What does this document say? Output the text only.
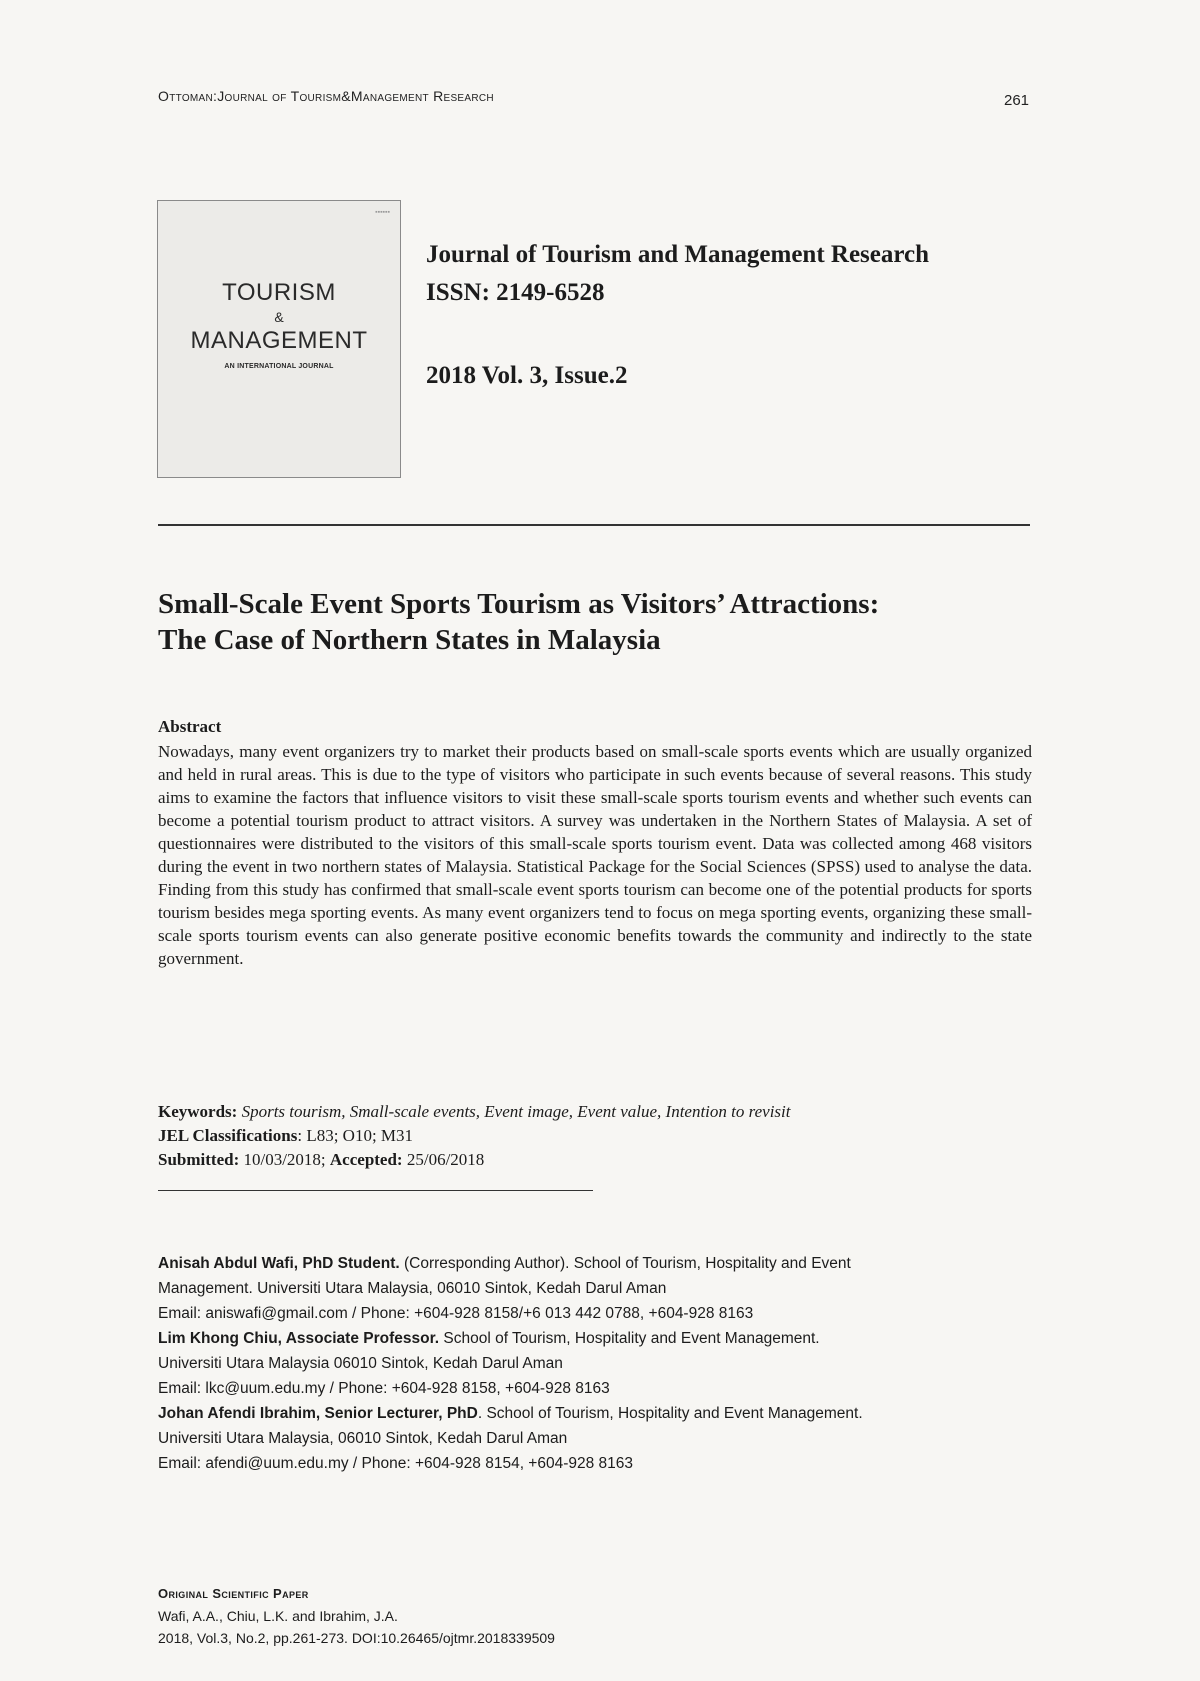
Ottoman:Journal of Tourism&Management Research	261
▪▪▪▪▪▪
TOURISM
&
MANAGEMENT
AN INTERNATIONAL JOURNAL
Journal of Tourism and Management Research
ISSN: 2149-6528
2018 Vol. 3, Issue.2
Small-Scale Event Sports Tourism as Visitors’ Attractions:
The Case of Northern States in Malaysia
Abstract
Nowadays, many event organizers try to market their products based on small-scale sports events which are usually organized and held in rural areas. This is due to the type of visitors who participate in such events because of several reasons. This study aims to examine the factors that influence visitors to visit these small-scale sports tourism events and whether such events can become a potential tourism product to attract visitors. A survey was undertaken in the Northern States of Malaysia. A set of questionnaires were distributed to the visitors of this small-scale sports tourism event. Data was collected among 468 visitors during the event in two northern states of Malaysia. Statistical Package for the Social Sciences (SPSS) used to analyse the data. Finding from this study has confirmed that small-scale event sports tourism can become one of the potential products for sports tourism besides mega sporting events. As many event organizers tend to focus on mega sporting events, organizing these small-scale sports tourism events can also generate positive economic benefits towards the community and indirectly to the state government.
Keywords: Sports tourism, Small-scale events, Event image, Event value, Intention to revisit
JEL Classifications: L83; O10; M31
Submitted: 10/03/2018; Accepted: 25/06/2018
Anisah Abdul Wafi, PhD Student. (Corresponding Author). School of Tourism, Hospitality and Event
Management. Universiti Utara Malaysia, 06010 Sintok, Kedah Darul Aman
Email: aniswafi@gmail.com / Phone: +604-928 8158/+6 013 442 0788, +604-928 8163
Lim Khong Chiu, Associate Professor. School of Tourism, Hospitality and Event Management.
Universiti Utara Malaysia 06010 Sintok, Kedah Darul Aman
Email: lkc@uum.edu.my / Phone: +604-928 8158, +604-928 8163
Johan Afendi Ibrahim, Senior Lecturer, PhD. School of Tourism, Hospitality and Event Management.
Universiti Utara Malaysia, 06010 Sintok, Kedah Darul Aman
Email: afendi@uum.edu.my / Phone: +604-928 8154, +604-928 8163
Original Scientific Paper
Wafi, A.A., Chiu, L.K. and Ibrahim, J.A.
2018, Vol.3, No.2, pp.261-273. DOI:10.26465/ojtmr.2018339509
